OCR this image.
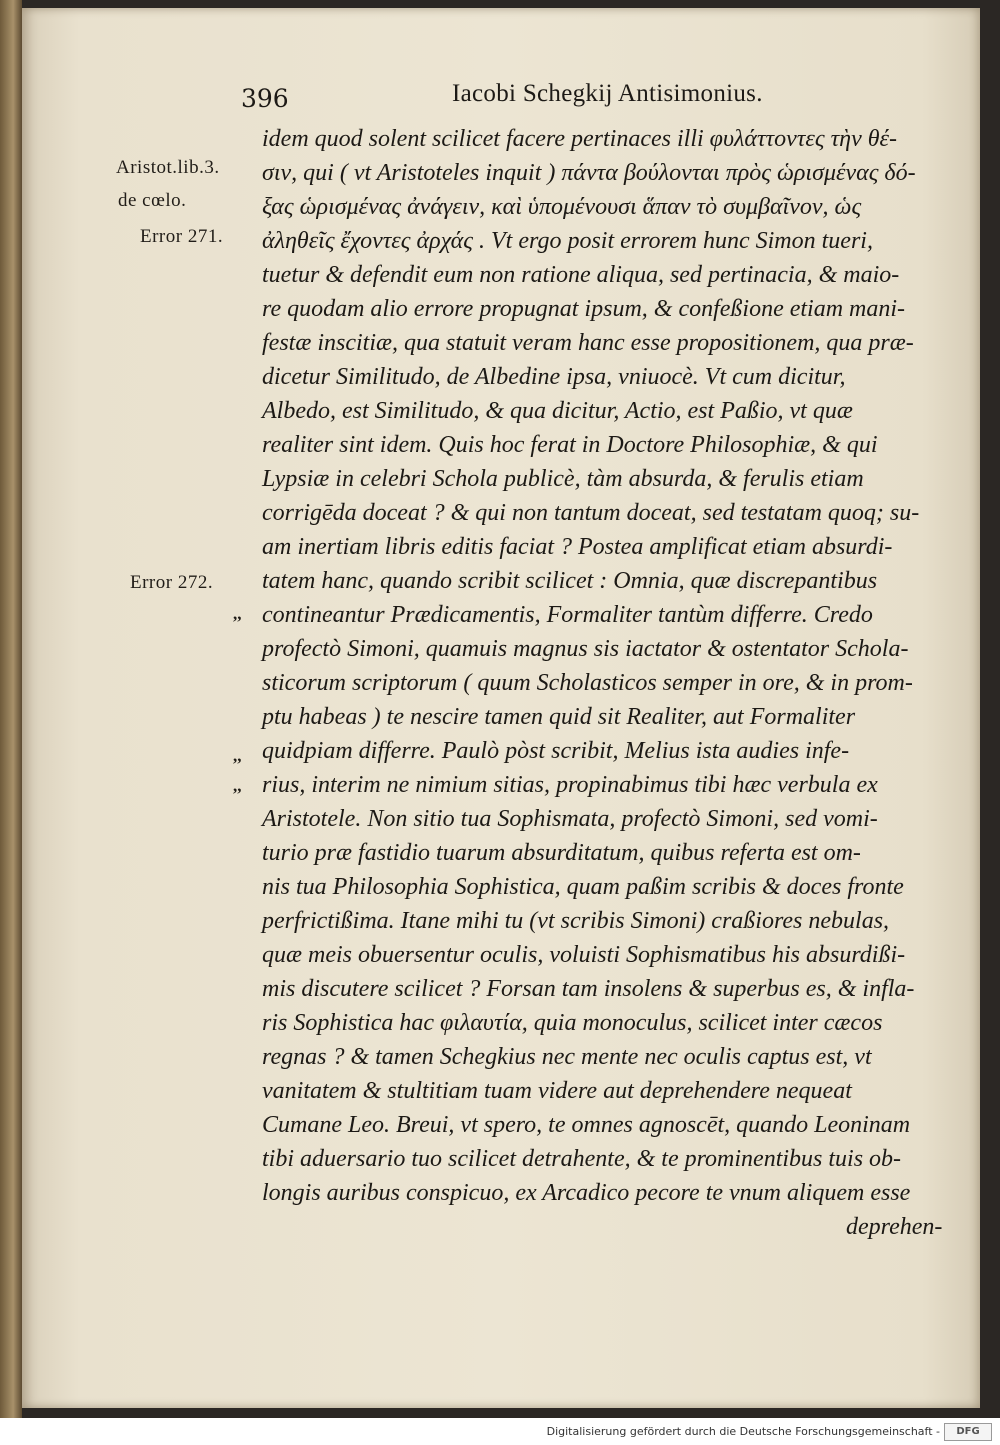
396	Iacobi Schegkij Antisimonius.
Aristot.lib.3.
de cœlo.
Error 271.
Error 272.
,,
,,
,,
idem quod solent scilicet facere pertinaces illi φυλάττοντες τὴν θέ-
σιν, qui ( vt Aristoteles inquit ) πάντα βούλονται πρὸς ὡρισμένας δό-
ξας ὡρισμένας ἀνάγειν, καὶ ὑπομένουσι ἅπαν τὸ συμβαῖνον, ὡς
ἀληθεῖς ἔχοντες ἀρχάς . Vt ergo posit errorem hunc Simon tueri,
tuetur & defendit eum non ratione aliqua, sed pertinacia, & maio-
re quodam alio errore propugnat ipsum, & confeßione etiam mani-
festæ inscitiæ, qua statuit veram hanc esse propositionem, qua præ-
dicetur Similitudo, de Albedine ipsa, vniuocè. Vt cum dicitur,
Albedo, est Similitudo, & qua dicitur, Actio, est Paßio, vt quæ
realiter sint idem. Quis hoc ferat in Doctore Philosophiæ, & qui
Lypsiæ in celebri Schola publicè, tàm absurda, & ferulis etiam
corrigēda doceat ? & qui non tantum doceat, sed testatam quoq; su-
am inertiam libris editis faciat ? Postea amplificat etiam absurdi-
tatem hanc, quando scribit scilicet : Omnia, quæ discrepantibus
contineantur Prædicamentis, Formaliter tantùm differre. Credo
profectò Simoni, quamuis magnus sis iactator & ostentator Schola-
sticorum scriptorum ( quum Scholasticos semper in ore, & in prom-
ptu habeas ) te nescire tamen quid sit Realiter, aut Formaliter
quidpiam differre. Paulò pòst scribit, Melius ista audies infe-
rius, interim ne nimium sitias, propinabimus tibi hæc verbula ex
Aristotele. Non sitio tua Sophismata, profectò Simoni, sed vomi-
turio præ fastidio tuarum absurditatum, quibus referta est om-
nis tua Philosophia Sophistica, quam paßim scribis & doces fronte
perfrictißima. Itane mihi tu (vt scribis Simoni) craßiores nebulas,
quæ meis obuersentur oculis, voluisti Sophismatibus his absurdißi-
mis discutere scilicet ? Forsan tam insolens & superbus es, & infla-
ris Sophistica hac φιλαυτία, quia monoculus, scilicet inter cæcos
regnas ? & tamen Schegkius nec mente nec oculis captus est, vt
vanitatem & stultitiam tuam videre aut deprehendere nequeat
Cumane Leo. Breui, vt spero, te omnes agnoscēt, quando Leoninam
tibi aduersario tuo scilicet detrahente, & te prominentibus tuis ob-
longis auribus conspicuo, ex Arcadico pecore te vnum aliquem esse
deprehen-
Digitalisierung gefördert durch die Deutsche Forschungsgemeinschaft -	DFG
